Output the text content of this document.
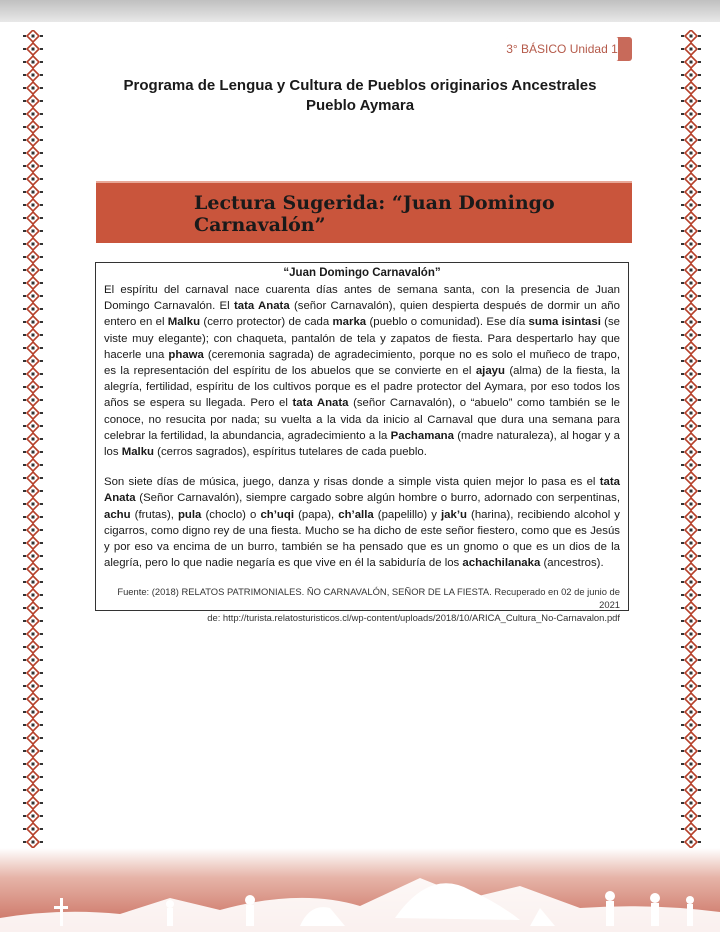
3° BÁSICO Unidad 1
Programa de Lengua y Cultura de Pueblos originarios Ancestrales
Pueblo Aymara
Lectura Sugerida: “Juan Domingo Carnavalón”
“Juan Domingo Carnavalón”

El espíritu del carnaval nace cuarenta días antes de semana santa, con la presencia de Juan Domingo Carnavalón. El tata Anata (señor Carnavalón), quien despierta después de dormir un año entero en el Malku (cerro protector) de cada marka (pueblo o comunidad). Ese día suma isintasi (se viste muy elegante); con chaqueta, pantalón de tela y zapatos de fiesta. Para despertarlo hay que hacerle una phawa (ceremonia sagrada) de agradecimiento, porque no es solo el muñeco de trapo, es la representación del espíritu de los abuelos que se convierte en el ajayu (alma) de la fiesta, la alegría, fertilidad, espíritu de los cultivos porque es el padre protector del Aymara, por eso todos los años se espera su llegada. Pero el tata Anata (señor Carnavalón), o “abuelo” como también se le conoce, no resucita por nada; su vuelta a la vida da inicio al Carnaval que dura una semana para celebrar la fertilidad, la abundancia, agradecimiento a la Pachamana (madre naturaleza), al hogar y a los Malku (cerros sagrados), espíritus tutelares de cada pueblo.

Son siete días de música, juego, danza y risas donde a simple vista quien mejor lo pasa es el tata Anata (Señor Carnavalón), siempre cargado sobre algún hombre o burro, adornado con serpentinas, achu (frutas), pula (choclo) o ch’uqi (papa), ch’alla (papelillo) y jak’u (harina), recibiendo alcohol y cigarros, como digno rey de una fiesta. Mucho se ha dicho de este señor fiestero, como que es Jesús y por eso va encima de un burro, también se ha pensado que es un gnomo o que es un dios de la alegría, pero lo que nadie negaría es que vive en él la sabiduría de los achachilanaka (ancestros).

Fuente: (2018) RELATOS PATRIMONIALES. ÑO CARNAVALÓN, SEÑOR DE LA FIESTA. Recuperado en 02 de junio de 2021
de: http://turista.relatosturisticos.cl/wp-content/uploads/2018/10/ARICA_Cultura_No-Carnavalon.pdf
